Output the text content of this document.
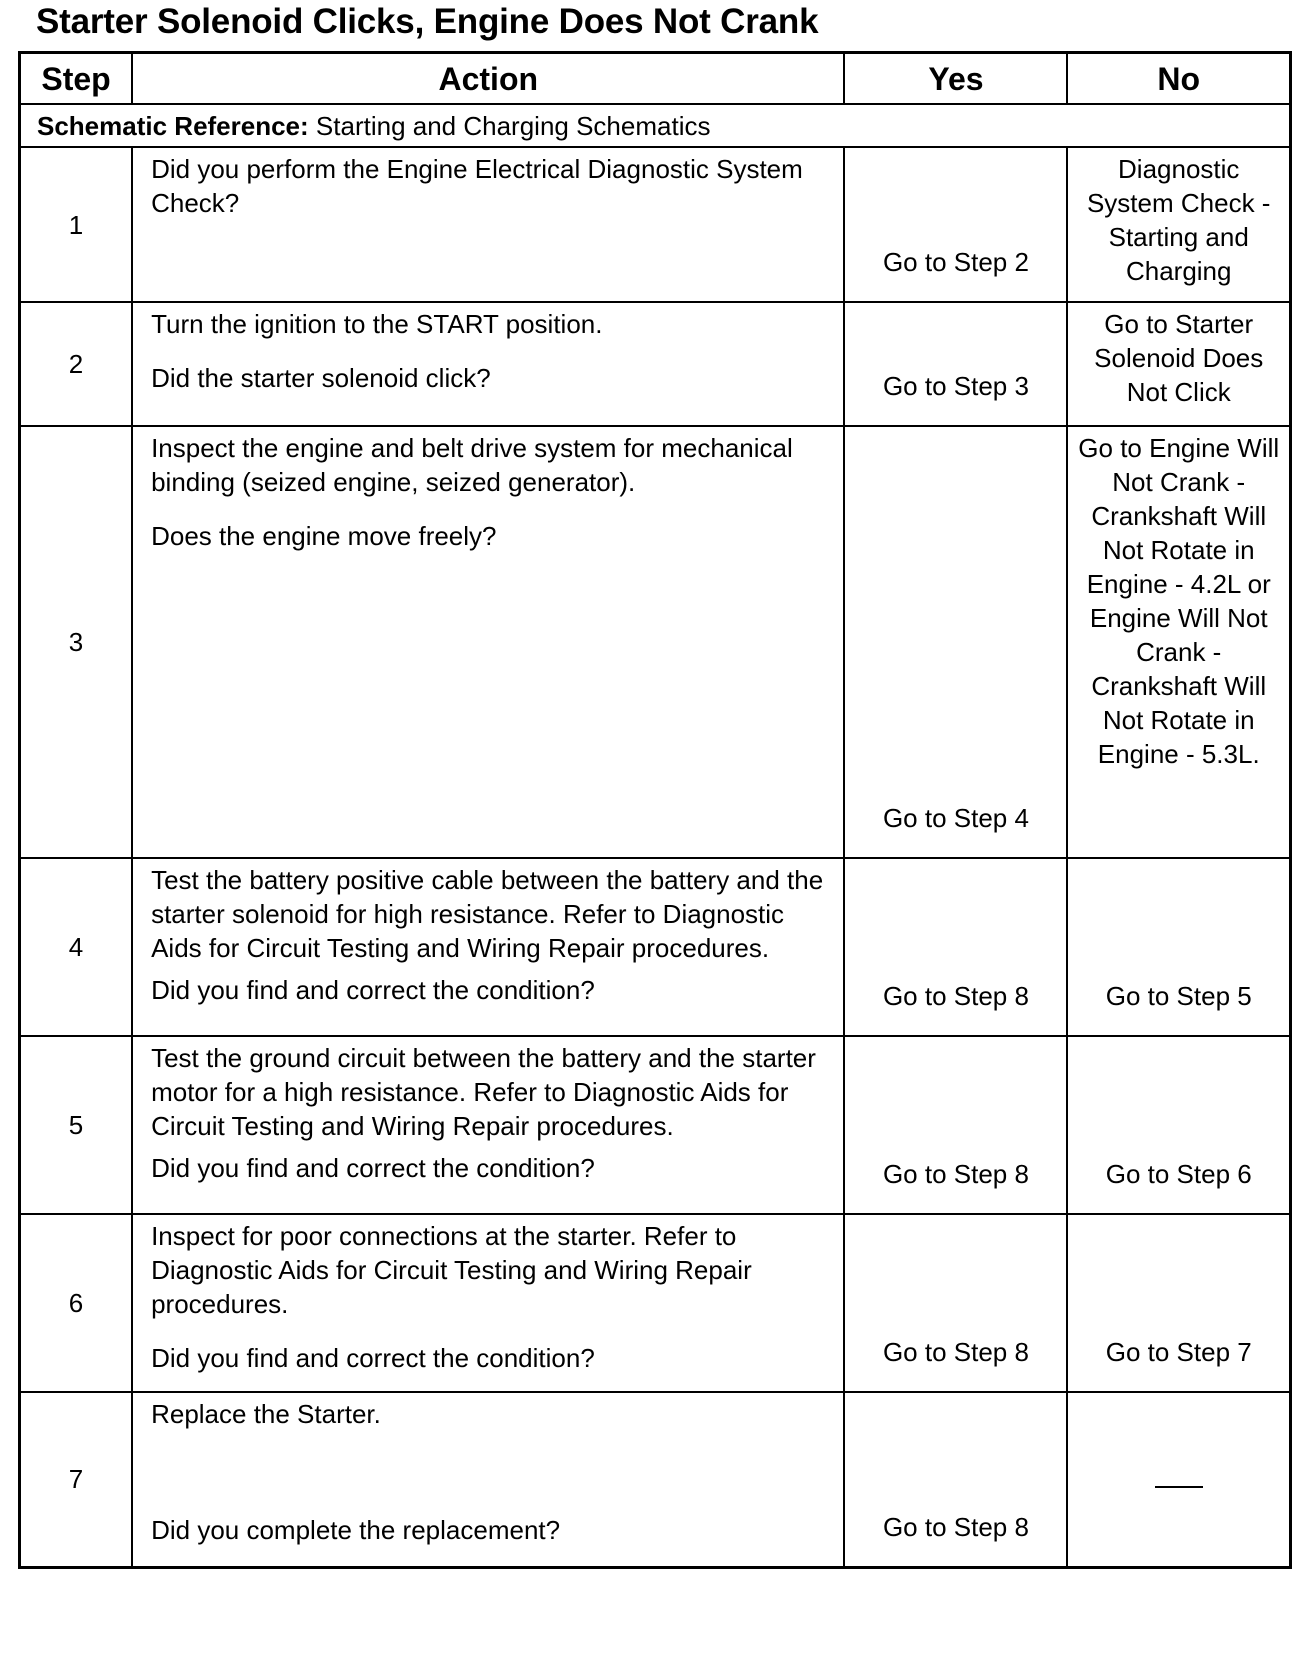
Starter Solenoid Clicks, Engine Does Not Crank
Step	Action	Yes	No
Schematic Reference: Starting and Charging Schematics			
1	Did you perform the Engine Electrical Diagnostic System Check?	Go to Step 2	Diagnostic System Check - Starting and Charging
2	Turn the ignition to the START position.

Did the starter solenoid click?	Go to Step 3	Go to Starter Solenoid Does Not Click
3	Inspect the engine and belt drive system for mechanical binding (seized engine, seized generator).

Does the engine move freely?	Go to Step 4	Go to Engine Will Not Crank - Crankshaft Will Not Rotate in Engine - 4.2L or Engine Will Not Crank - Crankshaft Will Not Rotate in Engine - 5.3L.
4	Test the battery positive cable between the battery and the starter solenoid for high resistance. Refer to Diagnostic Aids for Circuit Testing and Wiring Repair procedures.

Did you find and correct the condition?	Go to Step 8	Go to Step 5
5	Test the ground circuit between the battery and the starter motor for a high resistance. Refer to Diagnostic Aids for Circuit Testing and Wiring Repair procedures.

Did you find and correct the condition?	Go to Step 8	Go to Step 6
6	Inspect for poor connections at the starter. Refer to Diagnostic Aids for Circuit Testing and Wiring Repair procedures.

Did you find and correct the condition?	Go to Step 8	Go to Step 7
7	Replace the Starter.

Did you complete the replacement?	Go to Step 8	
